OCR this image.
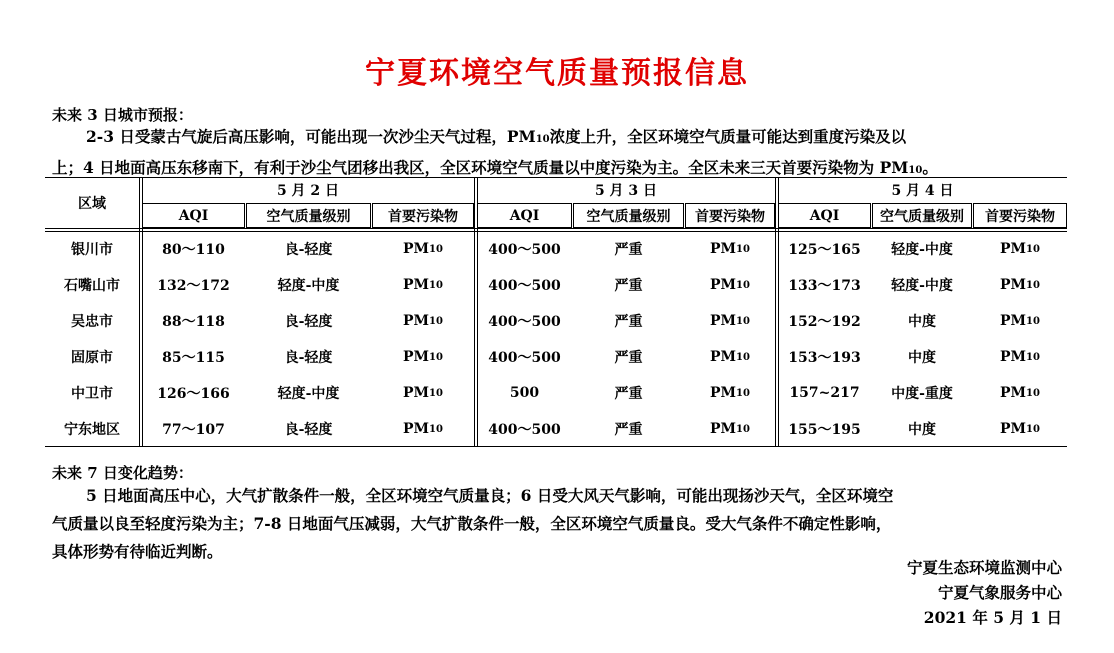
宁夏环境空气质量预报信息
未来 3 日城市预报：
2-3 日受蒙古气旋后高压影响，可能出现一次沙尘天气过程，PM10浓度上升，全区环境空气质量可能达到重度污染及以
上；4 日地面高压东移南下，有利于沙尘气团移出我区，全区环境空气质量以中度污染为主。全区未来三天首要污染物为 PM10。
区域
5 月 2 日	5 月 3 日	5 月 4 日
AQI	空气质量级别	首要污染物	AQI	空气质量级别	首要污染物	AQI	空气质量级别	首要污染物
银川市	80～110	良-轻度	PM 10	400～500	严重	PM 10	125～165	轻度-中度	PM 10
石嘴山市	132～172	轻度-中度	PM 10	400～500	严重	PM 10	133～173	轻度-中度	PM 10
吴忠市	88～118	良-轻度	PM 10	400～500	严重	PM 10	152～192	中度	PM 10
固原市	85～115	良-轻度	PM 10	400～500	严重	PM 10	153～193	中度	PM 10
中卫市	126～166	轻度-中度	PM 10	500	严重	PM 10	157~217	中度-重度	PM 10
宁东地区	77～107	良-轻度	PM 10	400～500	严重	PM 10	155～195	中度	PM 10
未来 7 日变化趋势：
5 日地面高压中心，大气扩散条件一般，全区环境空气质量良；6 日受大风天气影响，可能出现扬沙天气，全区环境空
气质量以良至轻度污染为主；7-8 日地面气压减弱，大气扩散条件一般，全区环境空气质量良。受大气条件不确定性影响，
具体形势有待临近判断。
宁夏生态环境监测中心
宁夏气象服务中心
2021 年 5 月 1 日
